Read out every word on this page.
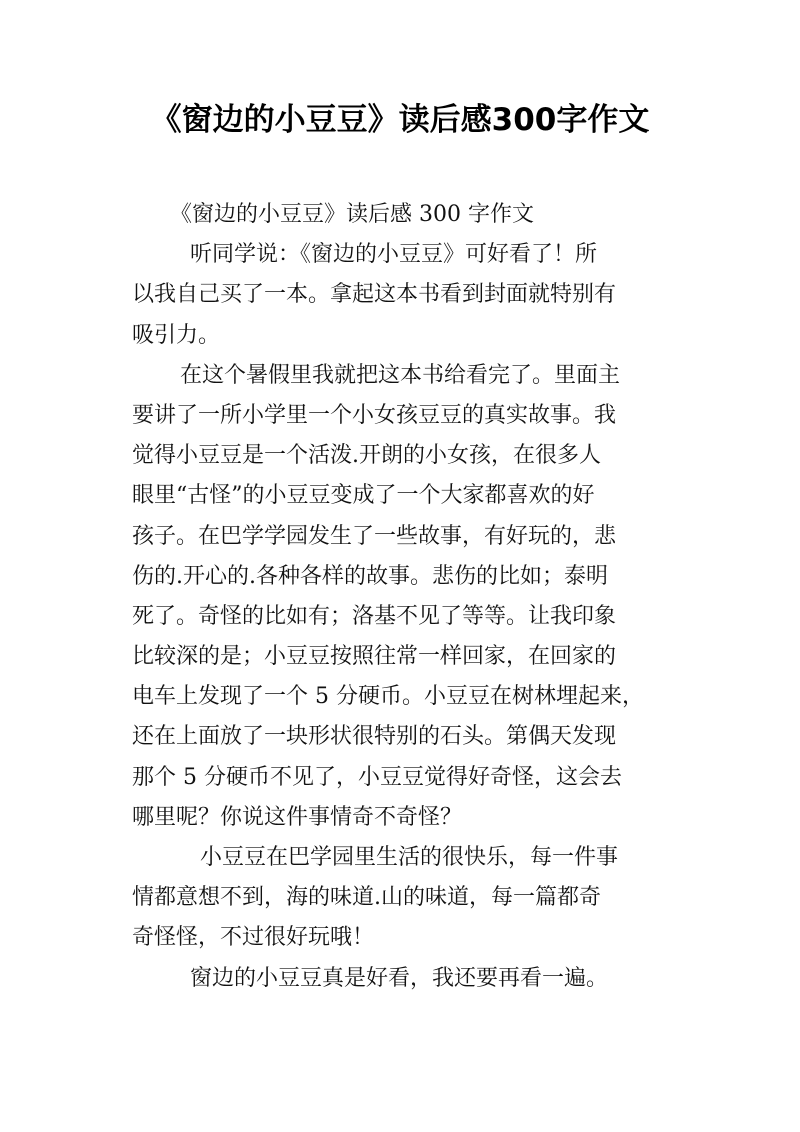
《窗边的小豆豆》读后感300字作文
《窗边的小豆豆》读后感 300 字作文
听同学说：《窗边的小豆豆》可好看了！所
以我自己买了一本。拿起这本书看到封面就特别有
吸引力。
在这个暑假里我就把这本书给看完了。里面主
要讲了一所小学里一个小女孩豆豆的真实故事。我
觉得小豆豆是一个活泼.开朗的小女孩，在很多人
眼里“古怪”的小豆豆变成了一个大家都喜欢的好
孩子。在巴学学园发生了一些故事，有好玩的，悲
伤的.开心的.各种各样的故事。悲伤的比如；泰明
死了。奇怪的比如有；洛基不见了等等。让我印象
比较深的是；小豆豆按照往常一样回家，在回家的
电车上发现了一个 5 分硬币。小豆豆在树林埋起来，
还在上面放了一块形状很特别的石头。第偶天发现
那个 5 分硬币不见了，小豆豆觉得好奇怪，这会去
哪里呢？你说这件事情奇不奇怪？
小豆豆在巴学园里生活的很快乐，每一件事
情都意想不到，海的味道.山的味道，每一篇都奇
奇怪怪，不过很好玩哦！
窗边的小豆豆真是好看，我还要再看一遍。
